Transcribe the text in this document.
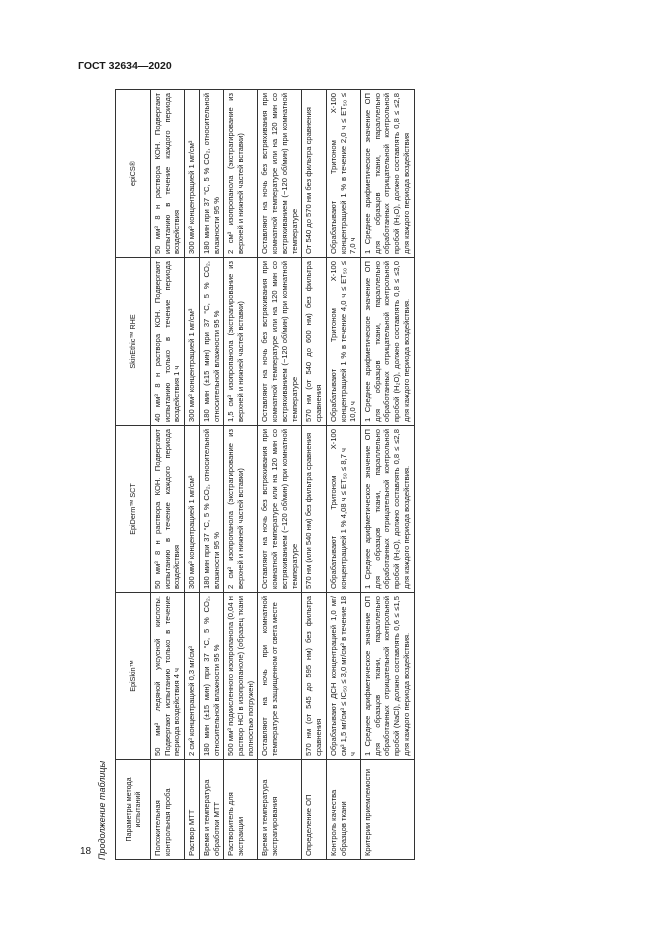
ГОСТ 32634—2020
Продолжение таблицы Параметры метода испытаний	EpiSkin™	EpiDerm™ SCT	SkinEthic™ RHE	epiCS®
Положительная контрольная проба	50 мм³ ледяной уксусной кислоты. Подвергают испытанию только в течение периода воздействия 4 ч	50 мм³ 8 н раствора КОН. Подвергают испытанию в течение каждого периода воздействия	40 мм³ 8 н раствора КОН. Подвергают испытанию только в течение периода воздействия 1 ч	50 мм³ 8 н раствора КОН. Подвергают испытанию в течение каждого периода воздействия
Раствор МТТ	2 см³ концентрацией 0,3 мг/см³	300 мм³ концентрацией 1 мг/см³	300 мм³ концентрацией 1 мг/см³	300 мм³ концентрацией 1 мг/см³
Время и температура обработки МТТ	180 мин (±15 мин) при 37 °С, 5 % CO₂, относительной влажности 95 %	180 мин при 37 °С, 5 % CO₂, относительной влажности 95 %	180 мин (±15 мин) при 37 °С, 5 % CO₂, относительной влажности 95 %	180 мин при 37 °С, 5 % CO₂, относительной влажности 95 %
Растворитель для экстракции	500 мм³ подкисленного изопропанола (0,04 н раствор HCl в изопропаноле) (образец ткани полностью погружен)	2 см³ изопропанола (экстрагирование из верхней и нижней частей вставки)	1,5 см³ изопропанола (экстрагирование из верхней и нижней частей вставки)	2 см³ изопропанола (экстрагирование из верхней и нижней частей вставки)
Время и температура экстрагирования	Оставляют на ночь при комнатной температуре в защищенном от света месте	Оставляют на ночь без встряхивания при комнатной температуре или на 120 мин со встряхиванием (~120 об/мин) при комнатной температуре	Оставляют на ночь без встряхивания при комнатной температуре или на 120 мин со встряхиванием (~120 об/мин) при комнатной температуре	Оставляют на ночь без встряхивания при комнатной температуре или на 120 мин со встряхиванием (~120 об/мин) при комнатной температуре
Определение ОП	570 нм (от 545 до 595 нм) без фильтра сравнения	570 нм (или 540 нм) без фильтра сравнения	570 нм (от 540 до 600 нм) без фильтра сравнения	От 540 до 570 нм без фильтра сравнения
Контроль качества образцов ткани	Обрабатывают ДСН концентрацией 1,0 мг/см³ 1,5 мг/см³ ≤ IC₅₀ ≤ 3,0 мг/см³ в течение 18 ч	Обрабатывают Тритоном X-100 концентрацией 1 % 4,08 ч ≤ ET₅₀ ≤ 8,7 ч	Обрабатывают Тритоном X-100 концентрацией 1 % в течение 4,0 ч ≤ ET₅₀ ≤ 10,0 ч	Обрабатывают Тритоном X-100 концентрацией 1 % в течение 2,0 ч ≤ ET₅₀ ≤ 7,0 ч
Критерии приемлемости	1 Среднее арифметическое значение ОП для образцов ткани, параллельно обработанных отрицательной контрольной пробой (NaCl), должно составлять 0,6 ≤ ≤1,5 для каждого периода воздействия.	1 Среднее арифметическое значение ОП для образцов ткани, параллельно обработанных отрицательной контрольной пробой (H₂O), должно составлять 0,8 ≤ ≤2,8 для каждого периода воздействия.	1 Среднее арифметическое значение ОП для образцов ткани, параллельно обработанных отрицательной контрольной пробой (H₂O), должно составлять 0,8 ≤ ≤3,0 для каждого периода воздействия.	1 Среднее арифметическое значение ОП для образцов ткани, параллельно обработанных отрицательной контрольной пробой (H₂O), должно составлять 0,8 ≤ ≤2,8 для каждого периода воздействия
18
